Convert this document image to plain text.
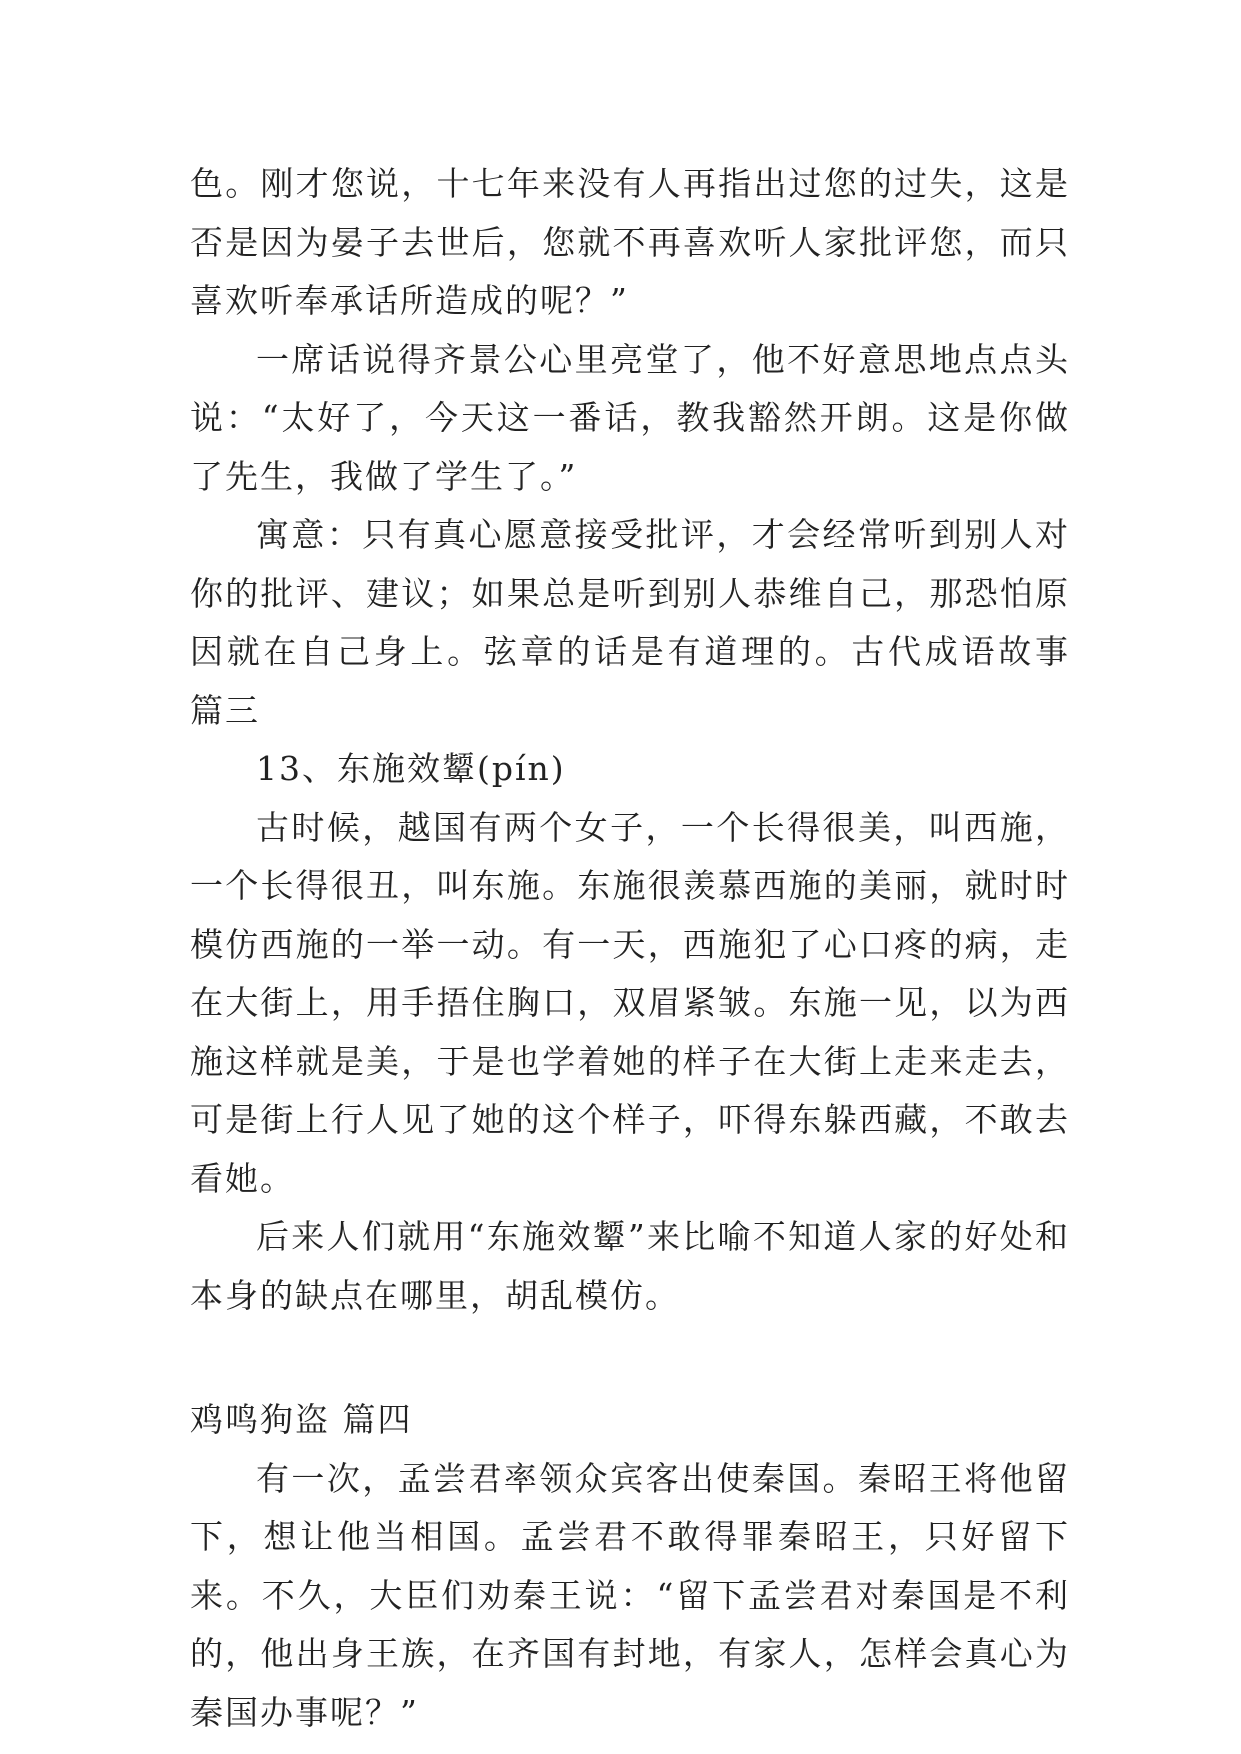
色。刚才您说，十七年来没有人再指出过您的过失，这是否是因为晏子去世后，您就不再喜欢听人家批评您，而只喜欢听奉承话所造成的呢？”

一席话说得齐景公心里亮堂了，他不好意思地点点头说：“太好了，今天这一番话，教我豁然开朗。这是你做了先生，我做了学生了。”

寓意：只有真心愿意接受批评，才会经常听到别人对你的批评、建议；如果总是听到别人恭维自己，那恐怕原因就在自己身上。弦章的话是有道理的。古代成语故事 篇三

13、东施效颦(pín)

古时候，越国有两个女子，一个长得很美，叫西施，一个长得很丑，叫东施。东施很羡慕西施的美丽，就时时模仿西施的一举一动。有一天，西施犯了心口疼的病，走在大街上，用手捂住胸口，双眉紧皱。东施一见，以为西施这样就是美，于是也学着她的样子在大街上走来走去，可是街上行人见了她的这个样子，吓得东躲西藏，不敢去看她。

后来人们就用“东施效颦”来比喻不知道人家的好处和本身的缺点在哪里，胡乱模仿。

鸡鸣狗盗 篇四

有一次，孟尝君率领众宾客出使秦国。秦昭王将他留下，想让他当相国。孟尝君不敢得罪秦昭王，只好留下来。不久，大臣们劝秦王说：“留下孟尝君对秦国是不利的，他出身王族，在齐国有封地，有家人，怎样会真心为秦国办事呢？”
